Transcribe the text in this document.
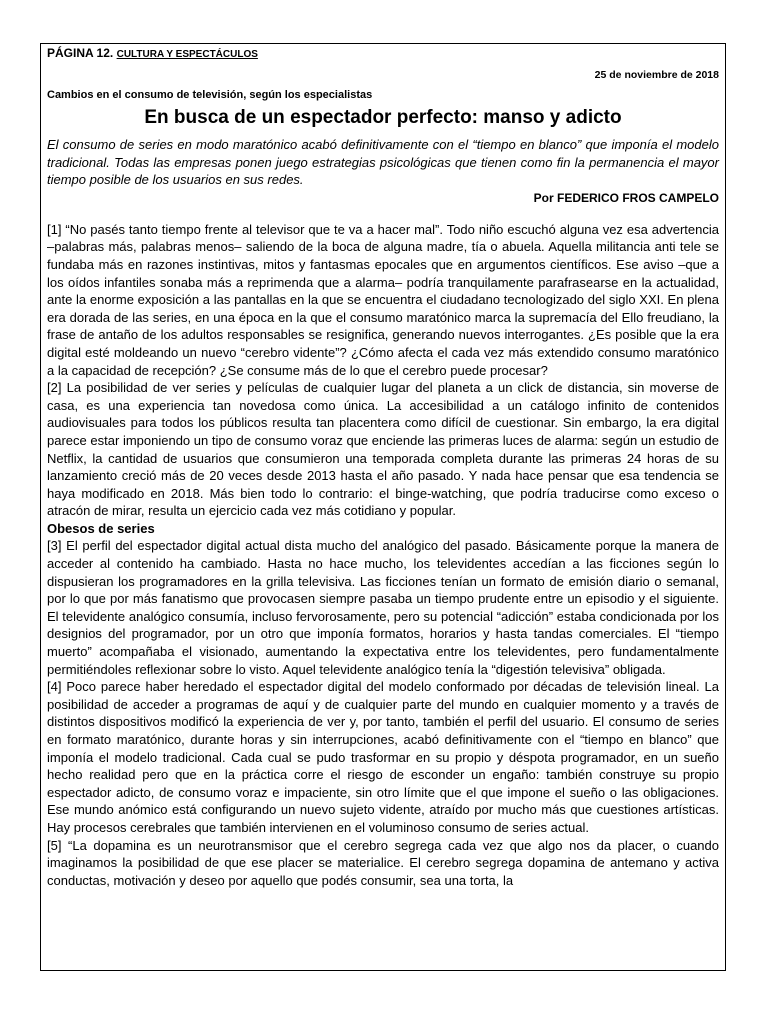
PÁGINA 12. CULTURA Y ESPECTÁCULOS
25 de noviembre de 2018
Cambios en el consumo de televisión, según los especialistas
En busca de un espectador perfecto: manso y adicto
El consumo de series en modo maratónico acabó definitivamente con el “tiempo en blanco” que imponía el modelo tradicional. Todas las empresas ponen juego estrategias psicológicas que tienen como fin la permanencia el mayor tiempo posible de los usuarios en sus redes.
Por FEDERICO FROS CAMPELO

[1] “No pasés tanto tiempo frente al televisor que te va a hacer mal”. Todo niño escuchó alguna vez esa advertencia –palabras más, palabras menos– saliendo de la boca de alguna madre, tía o abuela. Aquella militancia anti tele se fundaba más en razones instintivas, mitos y fantasmas epocales que en argumentos científicos. Ese aviso –que a los oídos infantiles sonaba más a reprimenda que a alarma– podría tranquilamente parafrasearse en la actualidad, ante la enorme exposición a las pantallas en la que se encuentra el ciudadano tecnologizado del siglo XXI. En plena era dorada de las series, en una época en la que el consumo maratónico marca la supremacía del Ello freudiano, la frase de antaño de los adultos responsables se resignifica, generando nuevos interrogantes. ¿Es posible que la era digital esté moldeando un nuevo “cerebro vidente”? ¿Cómo afecta el cada vez más extendido consumo maratónico a la capacidad de recepción? ¿Se consume más de lo que el cerebro puede procesar?

[2] La posibilidad de ver series y películas de cualquier lugar del planeta a un click de distancia, sin moverse de casa, es una experiencia tan novedosa como única. La accesibilidad a un catálogo infinito de contenidos audiovisuales para todos los públicos resulta tan placentera como difícil de cuestionar. Sin embargo, la era digital parece estar imponiendo un tipo de consumo voraz que enciende las primeras luces de alarma: según un estudio de Netflix, la cantidad de usuarios que consumieron una temporada completa durante las primeras 24 horas de su lanzamiento creció más de 20 veces desde 2013 hasta el año pasado. Y nada hace pensar que esa tendencia se haya modificado en 2018. Más bien todo lo contrario: el binge-watching, que podría traducirse como exceso o atracón de mirar, resulta un ejercicio cada vez más cotidiano y popular.

Obesos de series

[3] El perfil del espectador digital actual dista mucho del analógico del pasado. Básicamente porque la manera de acceder al contenido ha cambiado. Hasta no hace mucho, los televidentes accedían a las ficciones según lo dispusieran los programadores en la grilla televisiva. Las ficciones tenían un formato de emisión diario o semanal, por lo que por más fanatismo que provocasen siempre pasaba un tiempo prudente entre un episodio y el siguiente. El televidente analógico consumía, incluso fervorosamente, pero su potencial “adicción” estaba condicionada por los designios del programador, por un otro que imponía formatos, horarios y hasta tandas comerciales. El “tiempo muerto” acompañaba el visionado, aumentando la expectativa entre los televidentes, pero fundamentalmente permitiéndoles reflexionar sobre lo visto. Aquel televidente analógico tenía la “digestión televisiva” obligada.

[4] Poco parece haber heredado el espectador digital del modelo conformado por décadas de televisión lineal. La posibilidad de acceder a programas de aquí y de cualquier parte del mundo en cualquier momento y a través de distintos dispositivos modificó la experiencia de ver y, por tanto, también el perfil del usuario. El consumo de series en formato maratónico, durante horas y sin interrupciones, acabó definitivamente con el “tiempo en blanco” que imponía el modelo tradicional. Cada cual se pudo trasformar en su propio y déspota programador, en un sueño hecho realidad pero que en la práctica corre el riesgo de esconder un engaño: también construye su propio espectador adicto, de consumo voraz e impaciente, sin otro límite que el que impone el sueño o las obligaciones. Ese mundo anómico está configurando un nuevo sujeto vidente, atraído por mucho más que cuestiones artísticas. Hay procesos cerebrales que también intervienen en el voluminoso consumo de series actual.

[5] “La dopamina es un neurotransmisor que el cerebro segrega cada vez que algo nos da placer, o cuando imaginamos la posibilidad de que ese placer se materialice. El cerebro segrega dopamina de antemano y activa conductas, motivación y deseo por aquello que podés consumir, sea una torta, la
